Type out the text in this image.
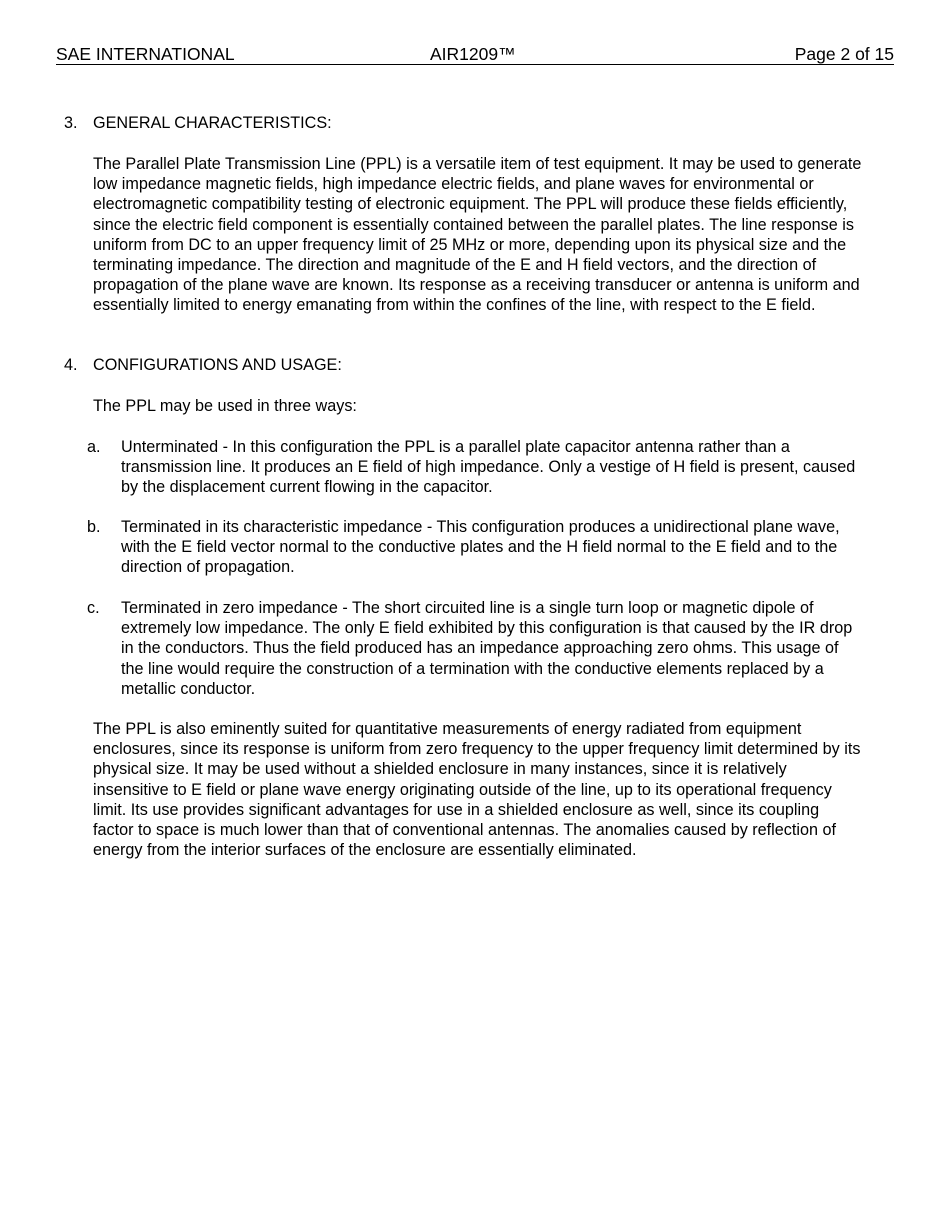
SAE INTERNATIONAL	AIR1209™	Page 2 of 15
3. GENERAL CHARACTERISTICS:

The Parallel Plate Transmission Line (PPL) is a versatile item of test equipment. It may be used to generate low impedance magnetic fields, high impedance electric fields, and plane waves for environmental or electromagnetic compatibility testing of electronic equipment. The PPL will produce these fields efficiently, since the electric field component is essentially contained between the parallel plates. The line response is uniform from DC to an upper frequency limit of 25 MHz or more, depending upon its physical size and the terminating impedance. The direction and magnitude of the E and H field vectors, and the direction of propagation of the plane wave are known. Its response as a receiving transducer or antenna is uniform and essentially limited to energy emanating from within the confines of the line, with respect to the E field.

4. CONFIGURATIONS AND USAGE:

The PPL may be used in three ways:

a. Unterminated - In this configuration the PPL is a parallel plate capacitor antenna rather than a transmission line. It produces an E field of high impedance. Only a vestige of H field is present, caused by the displacement current flowing in the capacitor.

b. Terminated in its characteristic impedance - This configuration produces a unidirectional plane wave, with the E field vector normal to the conductive plates and the H field normal to the E field and to the direction of propagation.

c. Terminated in zero impedance - The short circuited line is a single turn loop or magnetic dipole of extremely low impedance. The only E field exhibited by this configuration is that caused by the IR drop in the conductors. Thus the field produced has an impedance approaching zero ohms. This usage of the line would require the construction of a termination with the conductive elements replaced by a metallic conductor.

The PPL is also eminently suited for quantitative measurements of energy radiated from equipment enclosures, since its response is uniform from zero frequency to the upper frequency limit determined by its physical size. It may be used without a shielded enclosure in many instances, since it is relatively insensitive to E field or plane wave energy originating outside of the line, up to its operational frequency limit. Its use provides significant advantages for use in a shielded enclosure as well, since its coupling factor to space is much lower than that of conventional antennas. The anomalies caused by reflection of energy from the interior surfaces of the enclosure are essentially eliminated.
